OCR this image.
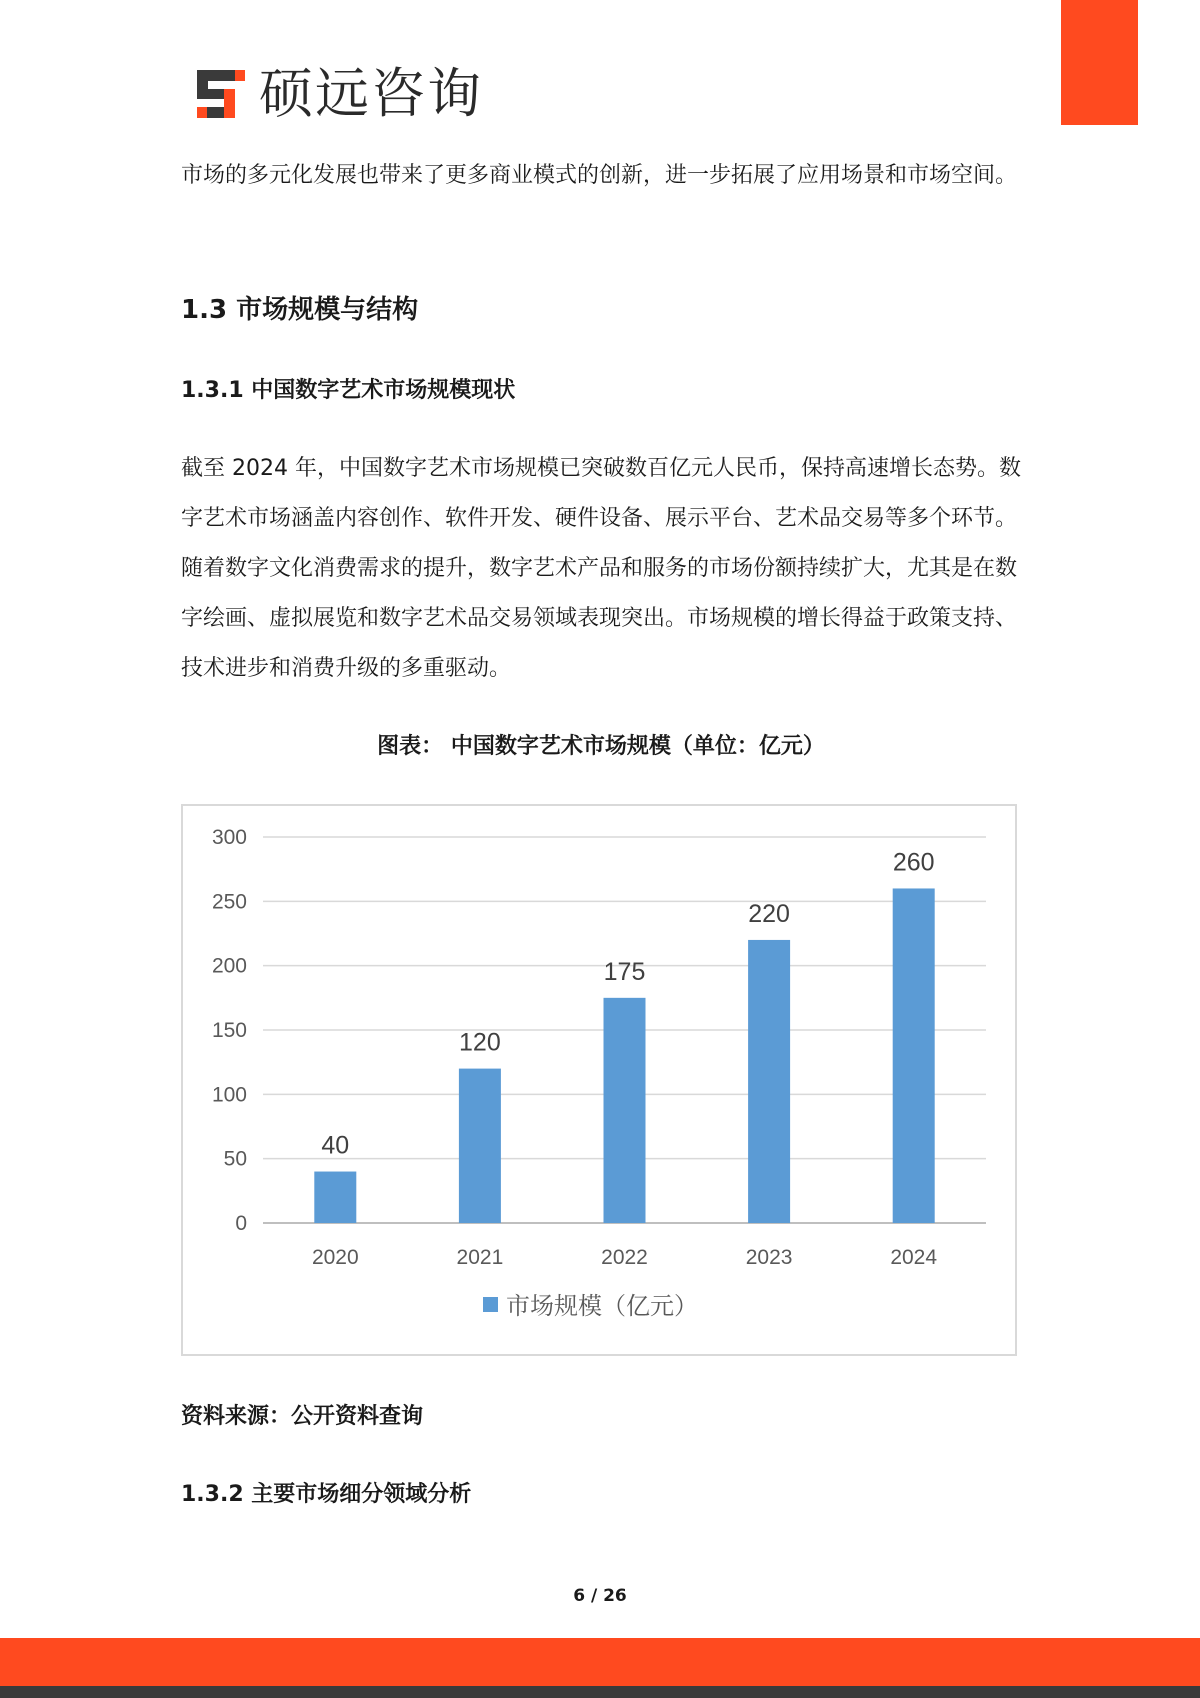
硕远咨询
市场的多元化发展也带来了更多商业模式的创新，进一步拓展了应用场景和市场空间。
1.3 市场规模与结构
1.3.1 中国数字艺术市场规模现状
截至 2024 年，中国数字艺术市场规模已突破数百亿元人民币，保持高速增长态势。数字艺术市场涵盖内容创作、软件开发、硬件设备、展示平台、艺术品交易等多个环节。随着数字文化消费需求的提升，数字艺术产品和服务的市场份额持续扩大，尤其是在数字绘画、虚拟展览和数字艺术品交易领域表现突出。市场规模的增长得益于政策支持、技术进步和消费升级的多重驱动。
图表： 中国数字艺术市场规模（单位：亿元）
0
50
100
150
200
250
300
40
2020
120
2021
175
2022
220
2023
260
2024
市场规模（亿元）
资料来源：公开资料查询
1.3.2 主要市场细分领域分析
6 / 26
